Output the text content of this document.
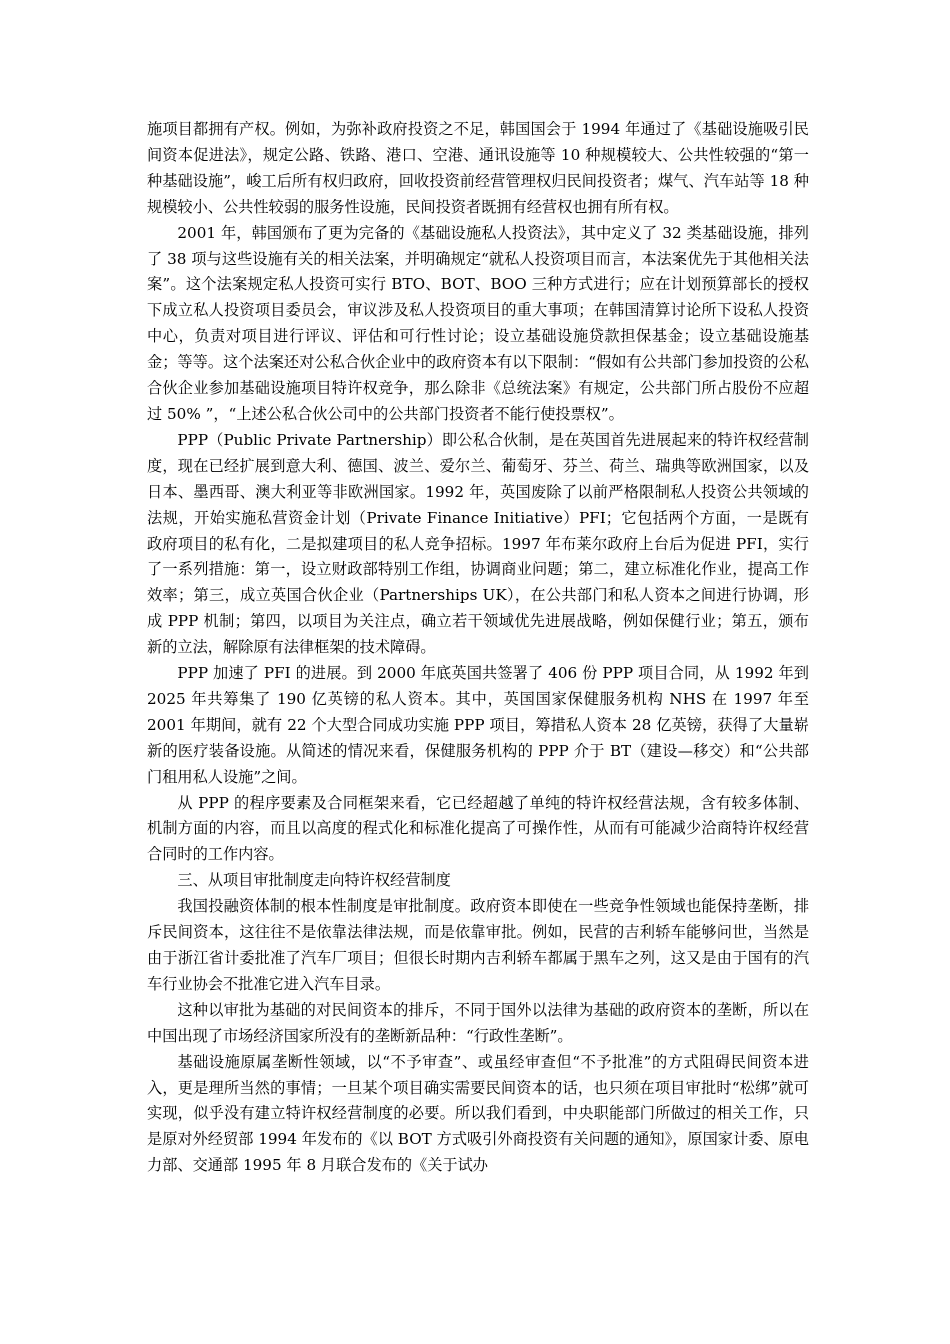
施项目都拥有产权。例如，为弥补政府投资之不足，韩国国会于 1994 年通过了《基础设施吸引民间资本促进法》，规定公路、铁路、港口、空港、通讯设施等 10 种规模较大、公共性较强的“第一种基础设施”，峻工后所有权归政府，回收投资前经营管理权归民间投资者；煤气、汽车站等 18 种规模较小、公共性较弱的服务性设施，民间投资者既拥有经营权也拥有所有权。

2001 年，韩国颁布了更为完备的《基础设施私人投资法》，其中定义了 32 类基础设施，排列了 38 项与这些设施有关的相关法案，并明确规定“就私人投资项目而言，本法案优先于其他相关法案”。这个法案规定私人投资可实行 BTO、BOT、BOO 三种方式进行；应在计划预算部长的授权下成立私人投资项目委员会，审议涉及私人投资项目的重大事项；在韩国清算讨论所下设私人投资中心，负责对项目进行评议、评估和可行性讨论；设立基础设施贷款担保基金；设立基础设施基金；等等。这个法案还对公私合伙企业中的政府资本有以下限制：“假如有公共部门参加投资的公私合伙企业参加基础设施项目特许权竞争，那么除非《总统法案》有规定，公共部门所占股份不应超过 50% ”，“上述公私合伙公司中的公共部门投资者不能行使投票权”。

PPP（Public Private Partnership）即公私合伙制，是在英国首先进展起来的特许权经营制度，现在已经扩展到意大利、德国、波兰、爱尔兰、葡萄牙、芬兰、荷兰、瑞典等欧洲国家，以及日本、墨西哥、澳大利亚等非欧洲国家。1992 年，英国废除了以前严格限制私人投资公共领域的法规，开始实施私营资金计划（Private Finance Initiative）PFI；它包括两个方面，一是既有政府项目的私有化，二是拟建项目的私人竞争招标。1997 年布莱尔政府上台后为促进 PFI，实行了一系列措施：第一，设立财政部特别工作组，协调商业问题；第二，建立标准化作业，提高工作效率；第三，成立英国合伙企业（Partnerships UK），在公共部门和私人资本之间进行协调，形成 PPP 机制；第四，以项目为关注点，确立若干领域优先进展战略，例如保健行业；第五，颁布新的立法，解除原有法律框架的技术障碍。

PPP 加速了 PFI 的进展。到 2000 年底英国共签署了 406 份 PPP 项目合同，从 1992 年到 2025 年共筹集了 190 亿英镑的私人资本。其中，英国国家保健服务机构 NHS 在 1997 年至 2001 年期间，就有 22 个大型合同成功实施 PPP 项目，筹措私人资本 28 亿英镑，获得了大量崭新的医疗装备设施。从简述的情况来看，保健服务机构的 PPP 介于 BT（建设—移交）和“公共部门租用私人设施”之间。

从 PPP 的程序要素及合同框架来看，它已经超越了单纯的特许权经营法规，含有较多体制、机制方面的内容，而且以高度的程式化和标准化提高了可操作性，从而有可能减少洽商特许权经营合同时的工作内容。

三、从项目审批制度走向特许权经营制度

我国投融资体制的根本性制度是审批制度。政府资本即使在一些竞争性领域也能保持垄断，排斥民间资本，这往往不是依靠法律法规，而是依靠审批。例如，民营的吉利轿车能够问世，当然是由于浙江省计委批准了汽车厂项目；但很长时期内吉利轿车都属于黑车之列，这又是由于国有的汽车行业协会不批准它进入汽车目录。

这种以审批为基础的对民间资本的排斥，不同于国外以法律为基础的政府资本的垄断，所以在中国出现了市场经济国家所没有的垄断新品种：“行政性垄断”。

基础设施原属垄断性领域，以“不予审查”、或虽经审查但“不予批准”的方式阻碍民间资本进入，更是理所当然的事情；一旦某个项目确实需要民间资本的话，也只须在项目审批时“松绑”就可实现，似乎没有建立特许权经营制度的必要。所以我们看到，中央职能部门所做过的相关工作，只是原对外经贸部 1994 年发布的《以 BOT 方式吸引外商投资有关问题的通知》，原国家计委、原电力部、交通部 1995 年 8 月联合发布的《关于试办
